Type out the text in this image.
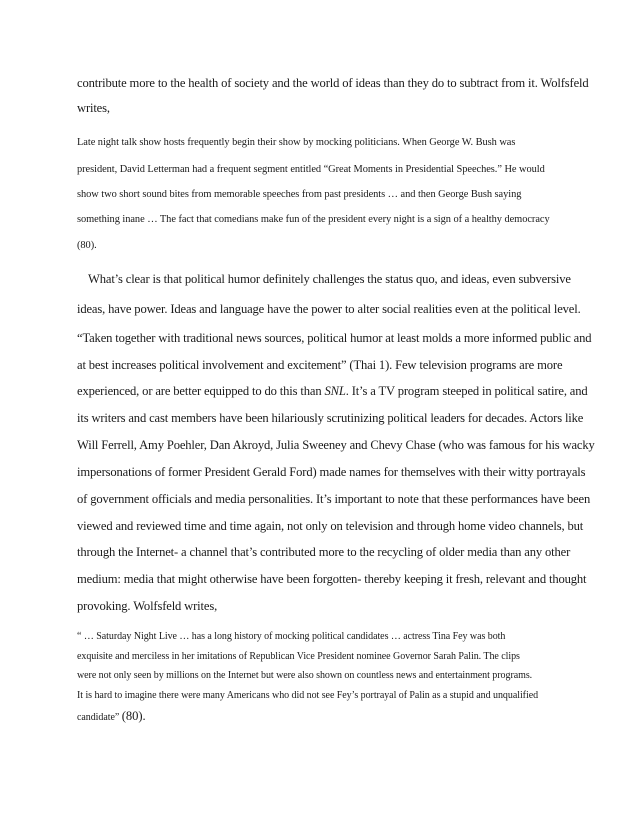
contribute more to the health of society and the world of ideas than they do to subtract from it. Wolfsfeld

writes,

Late night talk show hosts frequently begin their show by mocking politicians. When George W. Bush was

president, David Letterman had a frequent segment entitled “Great Moments in Presidential Speeches.” He would

show two short sound bites from memorable speeches from past presidents … and then George Bush saying

something inane … The fact that comedians make fun of the president every night is a sign of a healthy democracy

(80).

What’s clear is that political humor definitely challenges the status quo, and ideas, even subversive

ideas, have power. Ideas and language have the power to alter social realities even at the political level.

“Taken together with traditional news sources, political humor at least molds a more informed public and

at best increases political involvement and excitement” (Thai 1). Few television programs are more

experienced, or are better equipped to do this than SNL. It’s a TV program steeped in political satire, and

its writers and cast members have been hilariously scrutinizing political leaders for decades. Actors like

Will Ferrell, Amy Poehler, Dan Akroyd, Julia Sweeney and Chevy Chase (who was famous for his wacky

impersonations of former President Gerald Ford) made names for themselves with their witty portrayals

of government officials and media personalities. It’s important to note that these performances have been

viewed and reviewed time and time again, not only on television and through home video channels, but

through the Internet- a channel that’s contributed more to the recycling of older media than any other

medium: media that might otherwise have been forgotten- thereby keeping it fresh, relevant and thought

provoking. Wolfsfeld writes,

“ … Saturday Night Live … has a long history of mocking political candidates … actress Tina Fey was both

exquisite and merciless in her imitations of Republican Vice President nominee Governor Sarah Palin. The clips

were not only seen by millions on the Internet but were also shown on countless news and entertainment programs.

It is hard to imagine there were many Americans who did not see Fey’s portrayal of Palin as a stupid and unqualified

candidate” (80).
